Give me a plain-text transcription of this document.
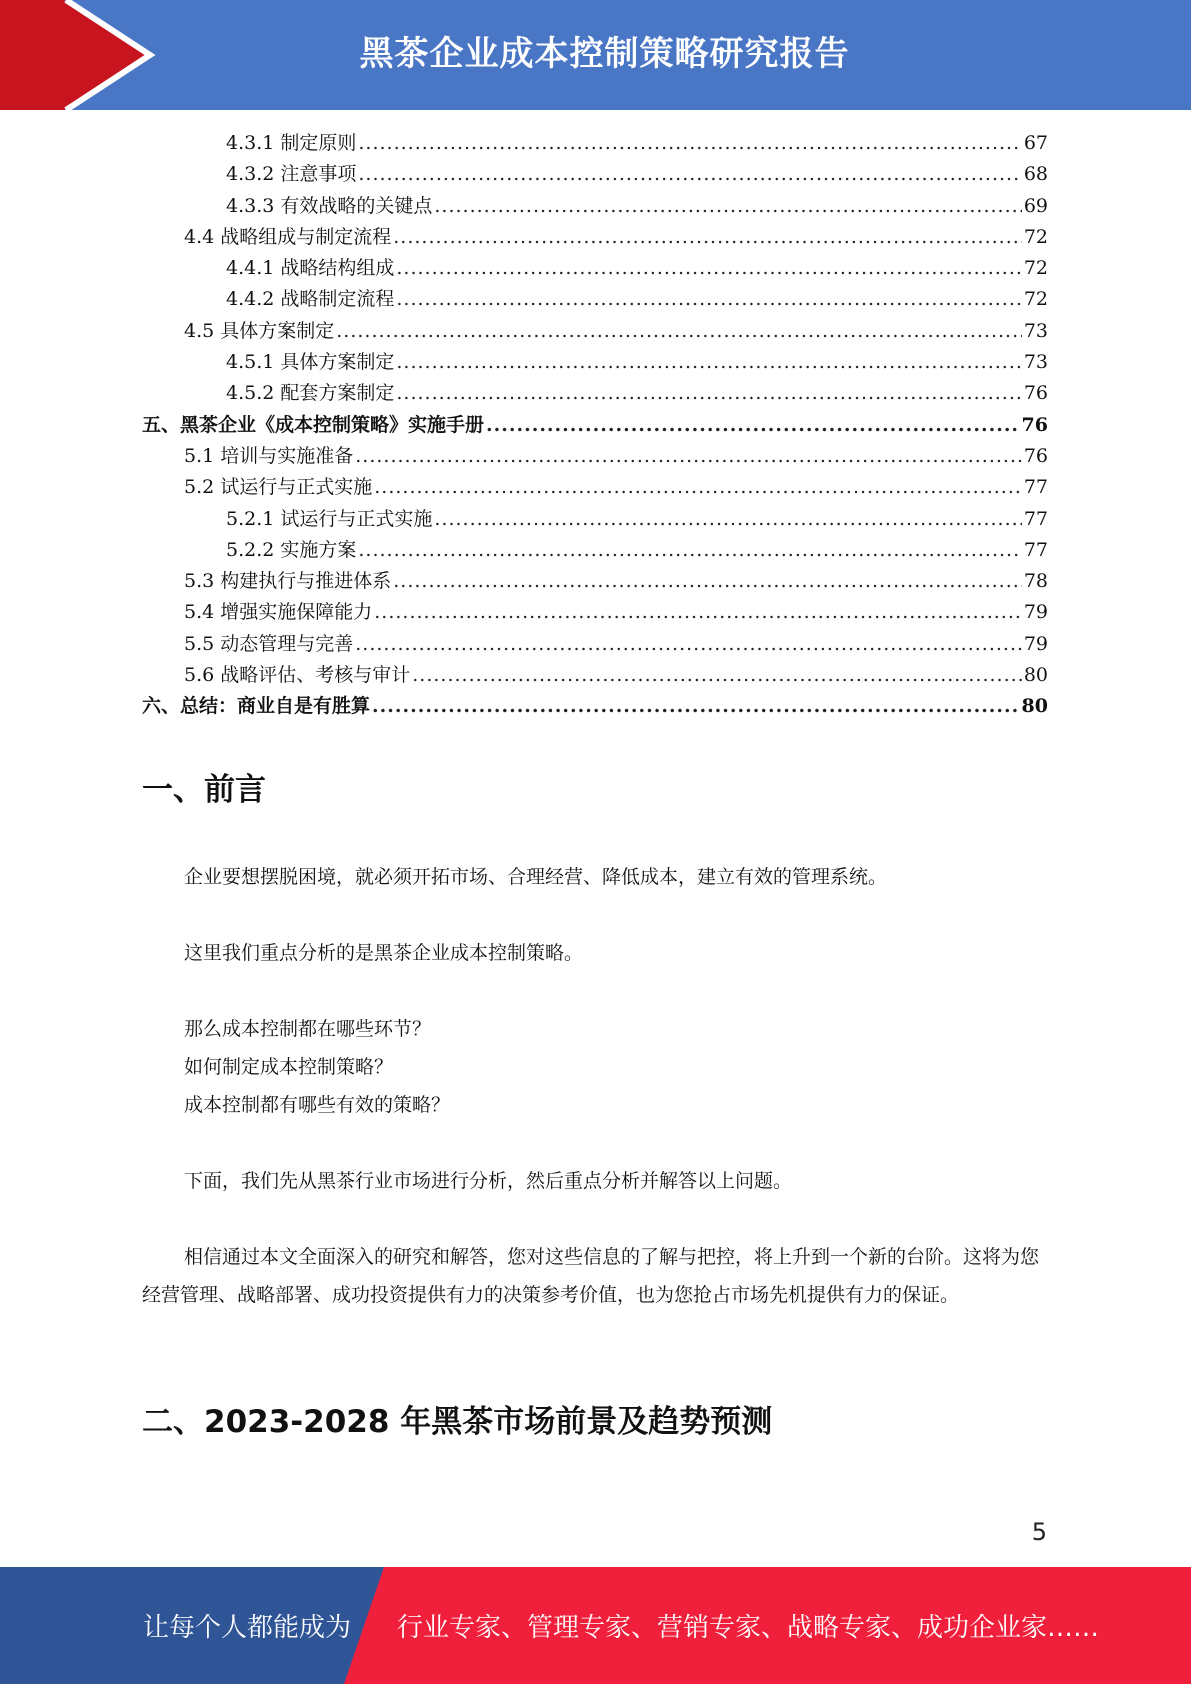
黑茶企业成本控制策略研究报告
4.3.1 制定原则 .....	67
4.3.2 注意事项 .....	68
4.3.3 有效战略的关键点 .....	69
4.4 战略组成与制定流程 .....	72
4.4.1 战略结构组成 .....	72
4.4.2 战略制定流程 .....	72
4.5 具体方案制定 .....	73
4.5.1 具体方案制定 .....	73
4.5.2 配套方案制定 .....	76
五、黑茶企业《成本控制策略》实施手册 .....	76
5.1 培训与实施准备 .....	76
5.2 试运行与正式实施 .....	77
5.2.1 试运行与正式实施 .....	77
5.2.2 实施方案 .....	77
5.3 构建执行与推进体系 .....	78
5.4 增强实施保障能力 .....	79
5.5 动态管理与完善 .....	79
5.6 战略评估、考核与审计 .....	80
六、总结：商业自是有胜算 .....	80
一、前言

企业要想摆脱困境，就必须开拓市场、合理经营、降低成本，建立有效的管理系统。

这里我们重点分析的是黑茶企业成本控制策略。

那么成本控制都在哪些环节？

如何制定成本控制策略？

成本控制都有哪些有效的策略？

下面，我们先从黑茶行业市场进行分析，然后重点分析并解答以上问题。

相信通过本文全面深入的研究和解答，您对这些信息的了解与把控，将上升到一个新的台阶。这将为您经营管理、战略部署、成功投资提供有力的决策参考价值，也为您抢占市场先机提供有力的保证。

二、2023-2028 年黑茶市场前景及趋势预测
5
让每个人都能成为 行业专家、管理专家、营销专家、战略专家、成功企业家……
